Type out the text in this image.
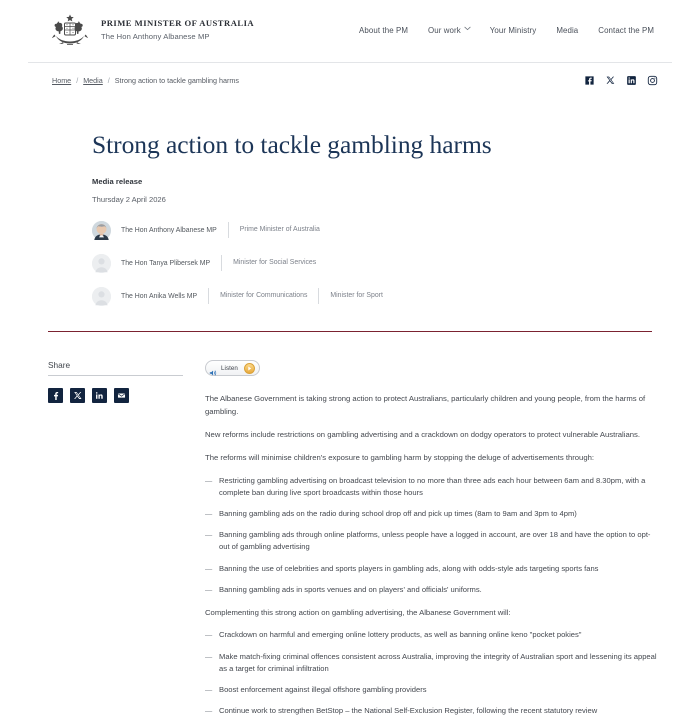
PRIME MINISTER OF AUSTRALIA
The Hon Anthony Albanese MP
About the PM	Our work	Your Ministry	Media	Contact the PM
Home / Media / Strong action to tackle gambling harms
Strong action to tackle gambling harms
Media release
Thursday 2 April 2026
The Hon Anthony Albanese MP	Prime Minister of Australia
The Hon Tanya Plibersek MP	Minister for Social Services
The Hon Anika Wells MP	Minister for Communications	Minister for Sport
Share	Listen

The Albanese Government is taking strong action to protect Australians, particularly children and young people, from the harms of gambling.

New reforms include restrictions on gambling advertising and a crackdown on dodgy operators to protect vulnerable Australians.

The reforms will minimise children's exposure to gambling harm by stopping the deluge of advertisements through:

— Restricting gambling advertising on broadcast television to no more than three ads each hour between 6am and 8.30pm, with a complete ban during live sport broadcasts within those hours
— Banning gambling ads on the radio during school drop off and pick up times (8am to 9am and 3pm to 4pm)
— Banning gambling ads through online platforms, unless people have a logged in account, are over 18 and have the option to opt-out of gambling advertising
— Banning the use of celebrities and sports players in gambling ads, along with odds-style ads targeting sports fans
— Banning gambling ads in sports venues and on players' and officials' uniforms.

Complementing this strong action on gambling advertising, the Albanese Government will:

— Crackdown on harmful and emerging online lottery products, as well as banning online keno "pocket pokies"
— Make match-fixing criminal offences consistent across Australia, improving the integrity of Australian sport and lessening its appeal as a target for criminal infiltration
— Boost enforcement against illegal offshore gambling providers
— Continue work to strengthen BetStop – the National Self-Exclusion Register, following the recent statutory review
